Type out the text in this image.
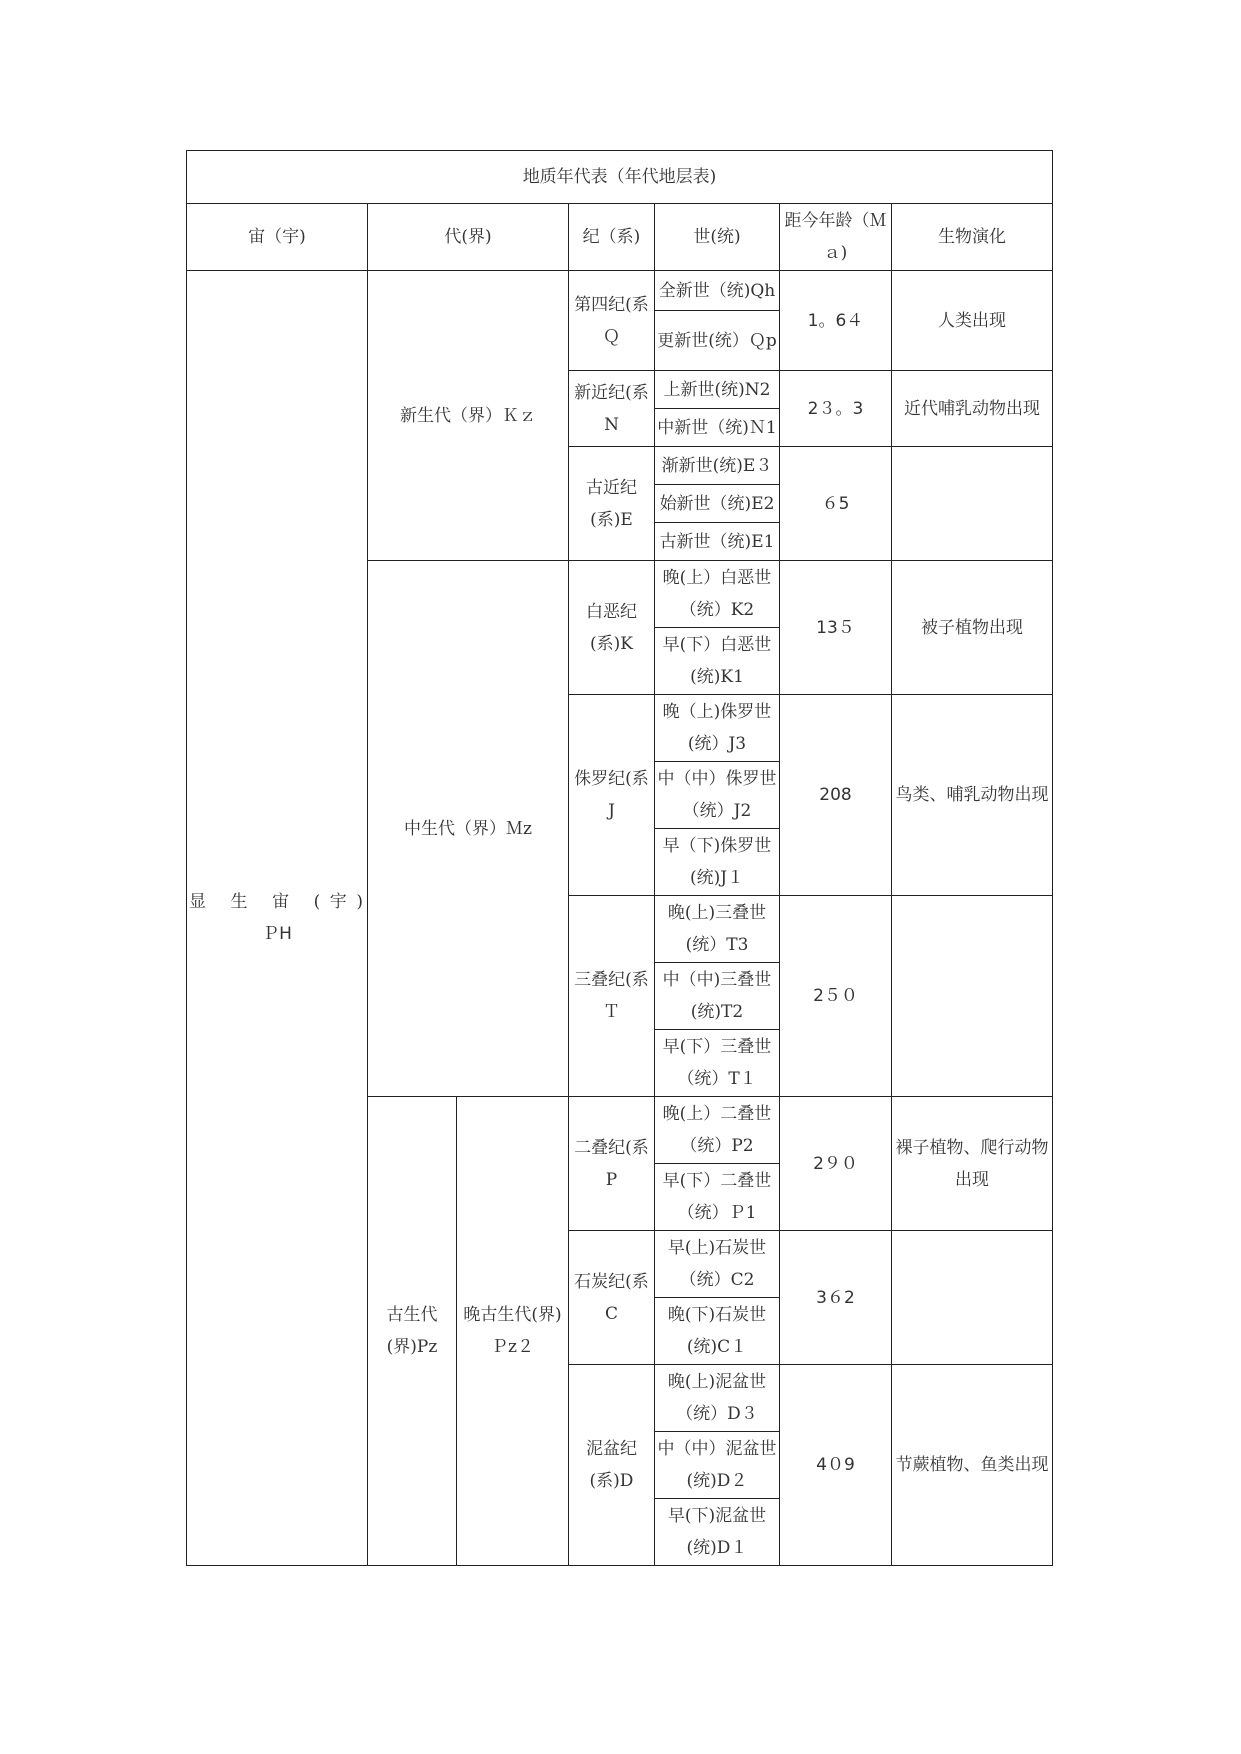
地质年代表（年代地层表)						
宙（宇)	代(界)		纪（系)	世(统)	距今年龄（Ｍａ)	生物演化

显 生 宙 (宇)
ＰH	新生代（界）Ｋｚ		第四纪(系Ｑ	全新世（统)Qh	1。6４	人类出现
				更新世(统）Ｑp		
			新近纪(系N	上新世(统)N2	2３。3	近代哺乳动物出现
				中新世（统)Ｎ1		
			古近纪(系)E	渐新世(统)E３	６5	
				始新世（统)E2		
				古新世（统)E1		
	中生代（界）Ｍz		白恶纪(系)K	晚(上）白恶世（统）K2	13５	被子植物出现
				早(下）白恶世(统)K1		
			侏罗纪(系J	晚（上)侏罗世(统）J3	208	鸟类、哺乳动物出现
				中（中）侏罗世（统）J2		
				早（下)侏罗世(统)J１		
			三叠纪(系Ｔ	晚(上)三叠世(统）T3	2５０	
				中（中)三叠世(统)T2		
				早(下）三叠世（统）T１		
	古生代(界)Pz	晚古生代(界)Ｐz２	二叠纪(系P	晚(上）二叠世（统）P2	2９０	裸子植物、爬行动物出现
				早(下）二叠世（统）Ｐ1		
			石炭纪(系C	早(上)石炭世（统）C2	3６2	
				晚(下)石炭世(统)C１		
			泥盆纪(系)D	晚(上)泥盆世（统）D３	4０9	节蕨植物、鱼类出现
				中（中）泥盆世(统)D２		
				早(下)泥盆世(统)D１		
